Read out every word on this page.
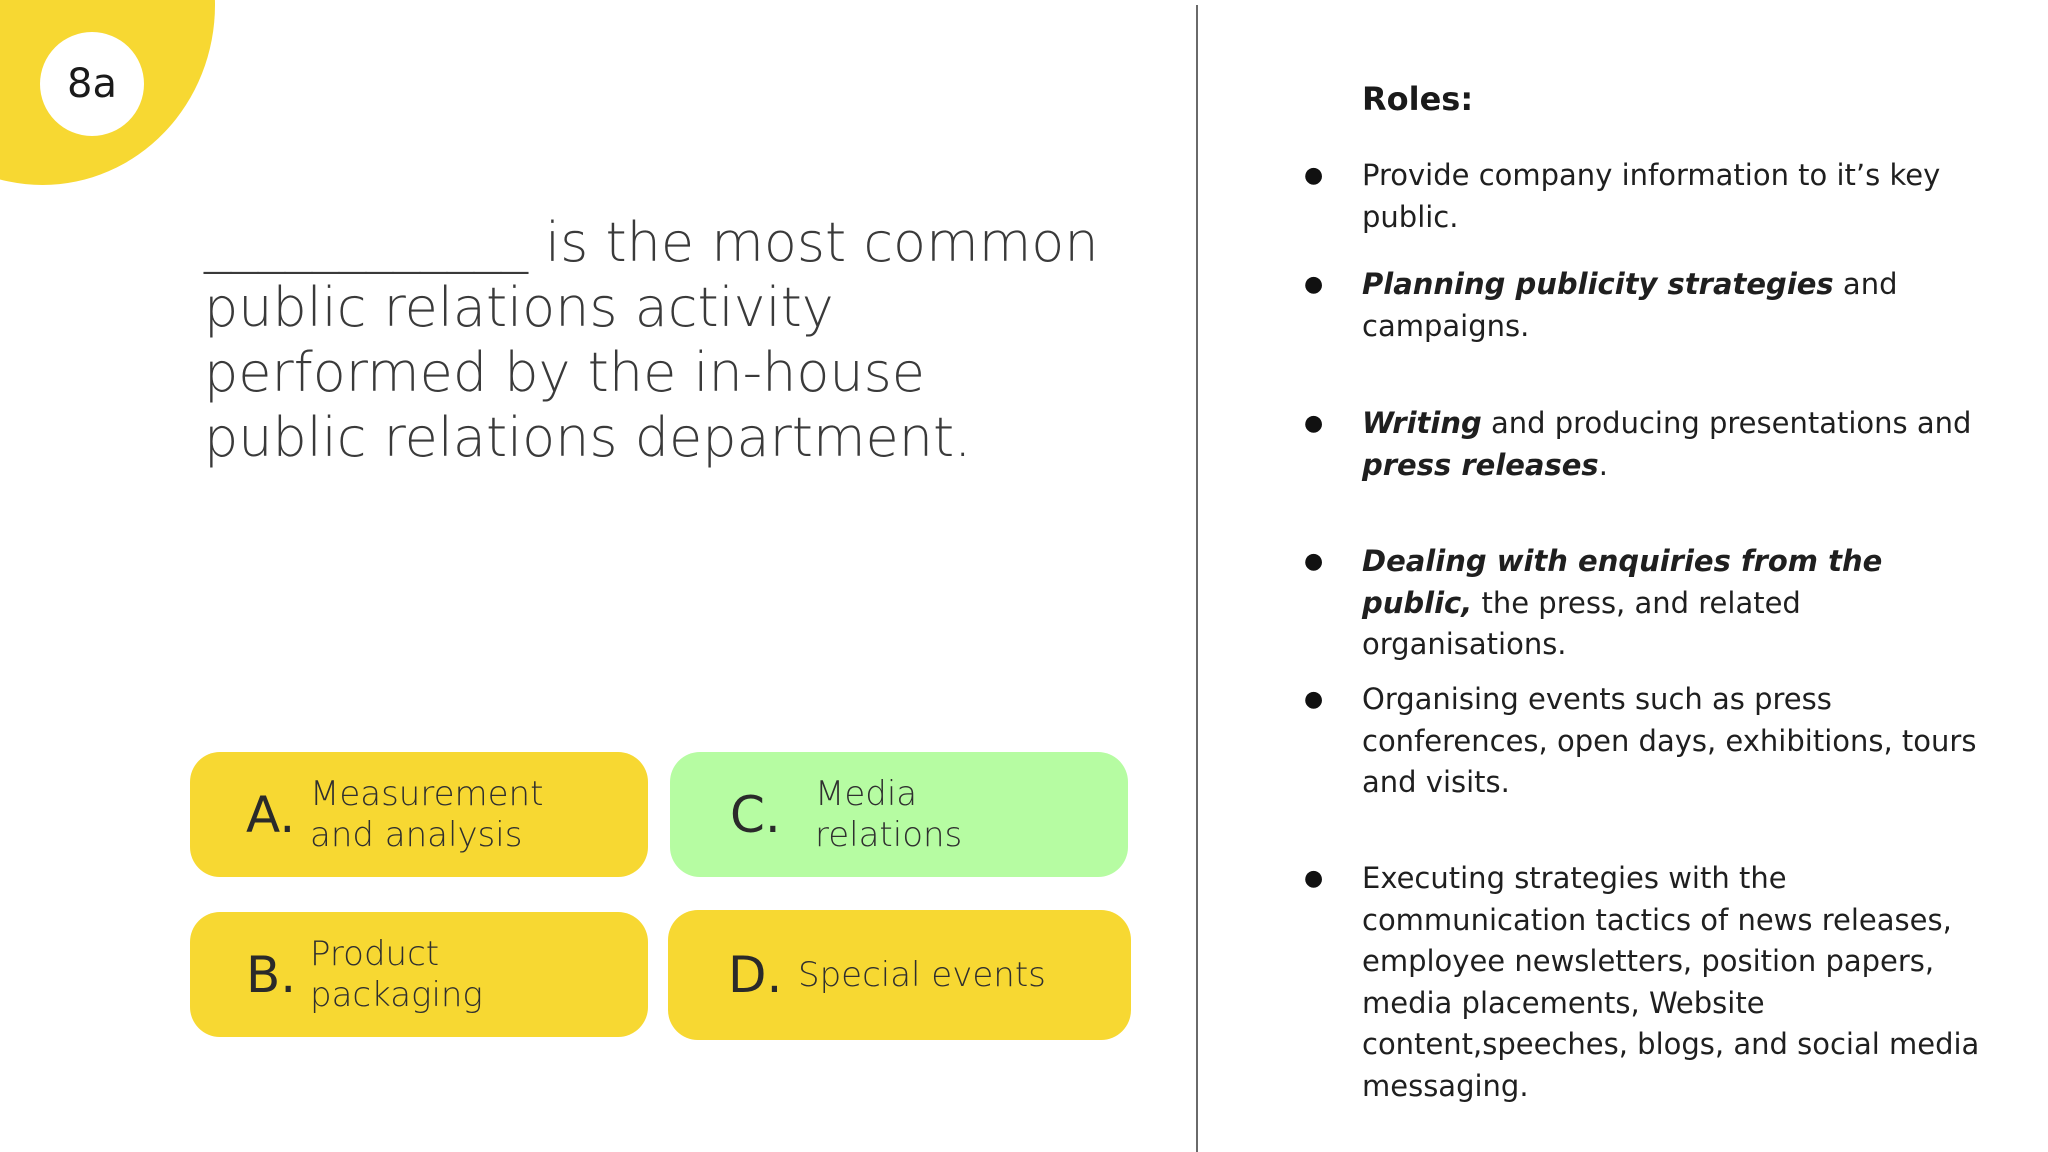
8a

____________ is the most common public relations activity performed by the in-house public relations department.

A. Measurement and analysis
B. Product packaging
C.	Media relations
D. Special events
Roles:
● Provide company information to it’s key public.
● Planning publicity strategies and campaigns.
● Writing and producing presentations and press releases.
● Dealing with enquiries from the public, the press, and related organisations.
● Organising events such as press conferences, open days, exhibitions, tours and visits.
● Executing strategies with the communication tactics of news releases, employee newsletters, position papers, media placements, Website content,speeches, blogs, and social media messaging.
